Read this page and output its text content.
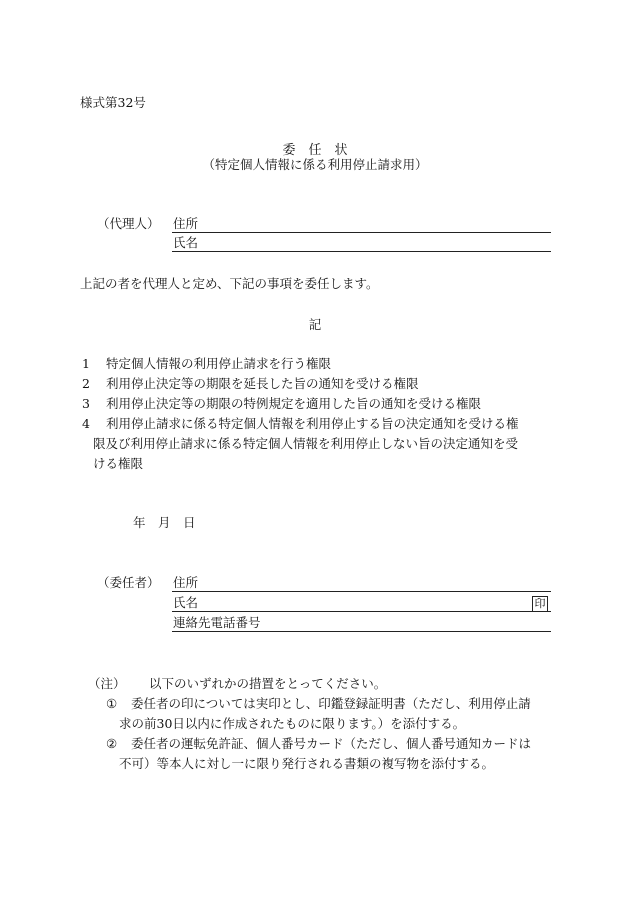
様式第32号
委　任　状
（特定個人情報に係る利用停止請求用）
（代理人） 住所
氏名
上記の者を代理人と定め、下記の事項を委任します。
記
1 特定個人情報の利用停止請求を行う権限
2 利用停止決定等の期限を延長した旨の通知を受ける権限
3 利用停止決定等の期限の特例規定を適用した旨の通知を受ける権限
4 利用停止請求に係る特定個人情報を利用停止する旨の決定通知を受ける権
限及び利用停止請求に係る特定個人情報を利用停止しない旨の決定通知を受
ける権限
年 月 日
（委任者） 住所
氏名	印
連絡先電話番号
（注） 以下のいずれかの措置をとってください。
① 委任者の印については実印とし、印鑑登録証明書（ただし、利用停止請
求の前30日以内に作成されたものに限ります。）を添付する。
② 委任者の運転免許証、個人番号カード（ただし、個人番号通知カードは
不可）等本人に対し一に限り発行される書類の複写物を添付する。
